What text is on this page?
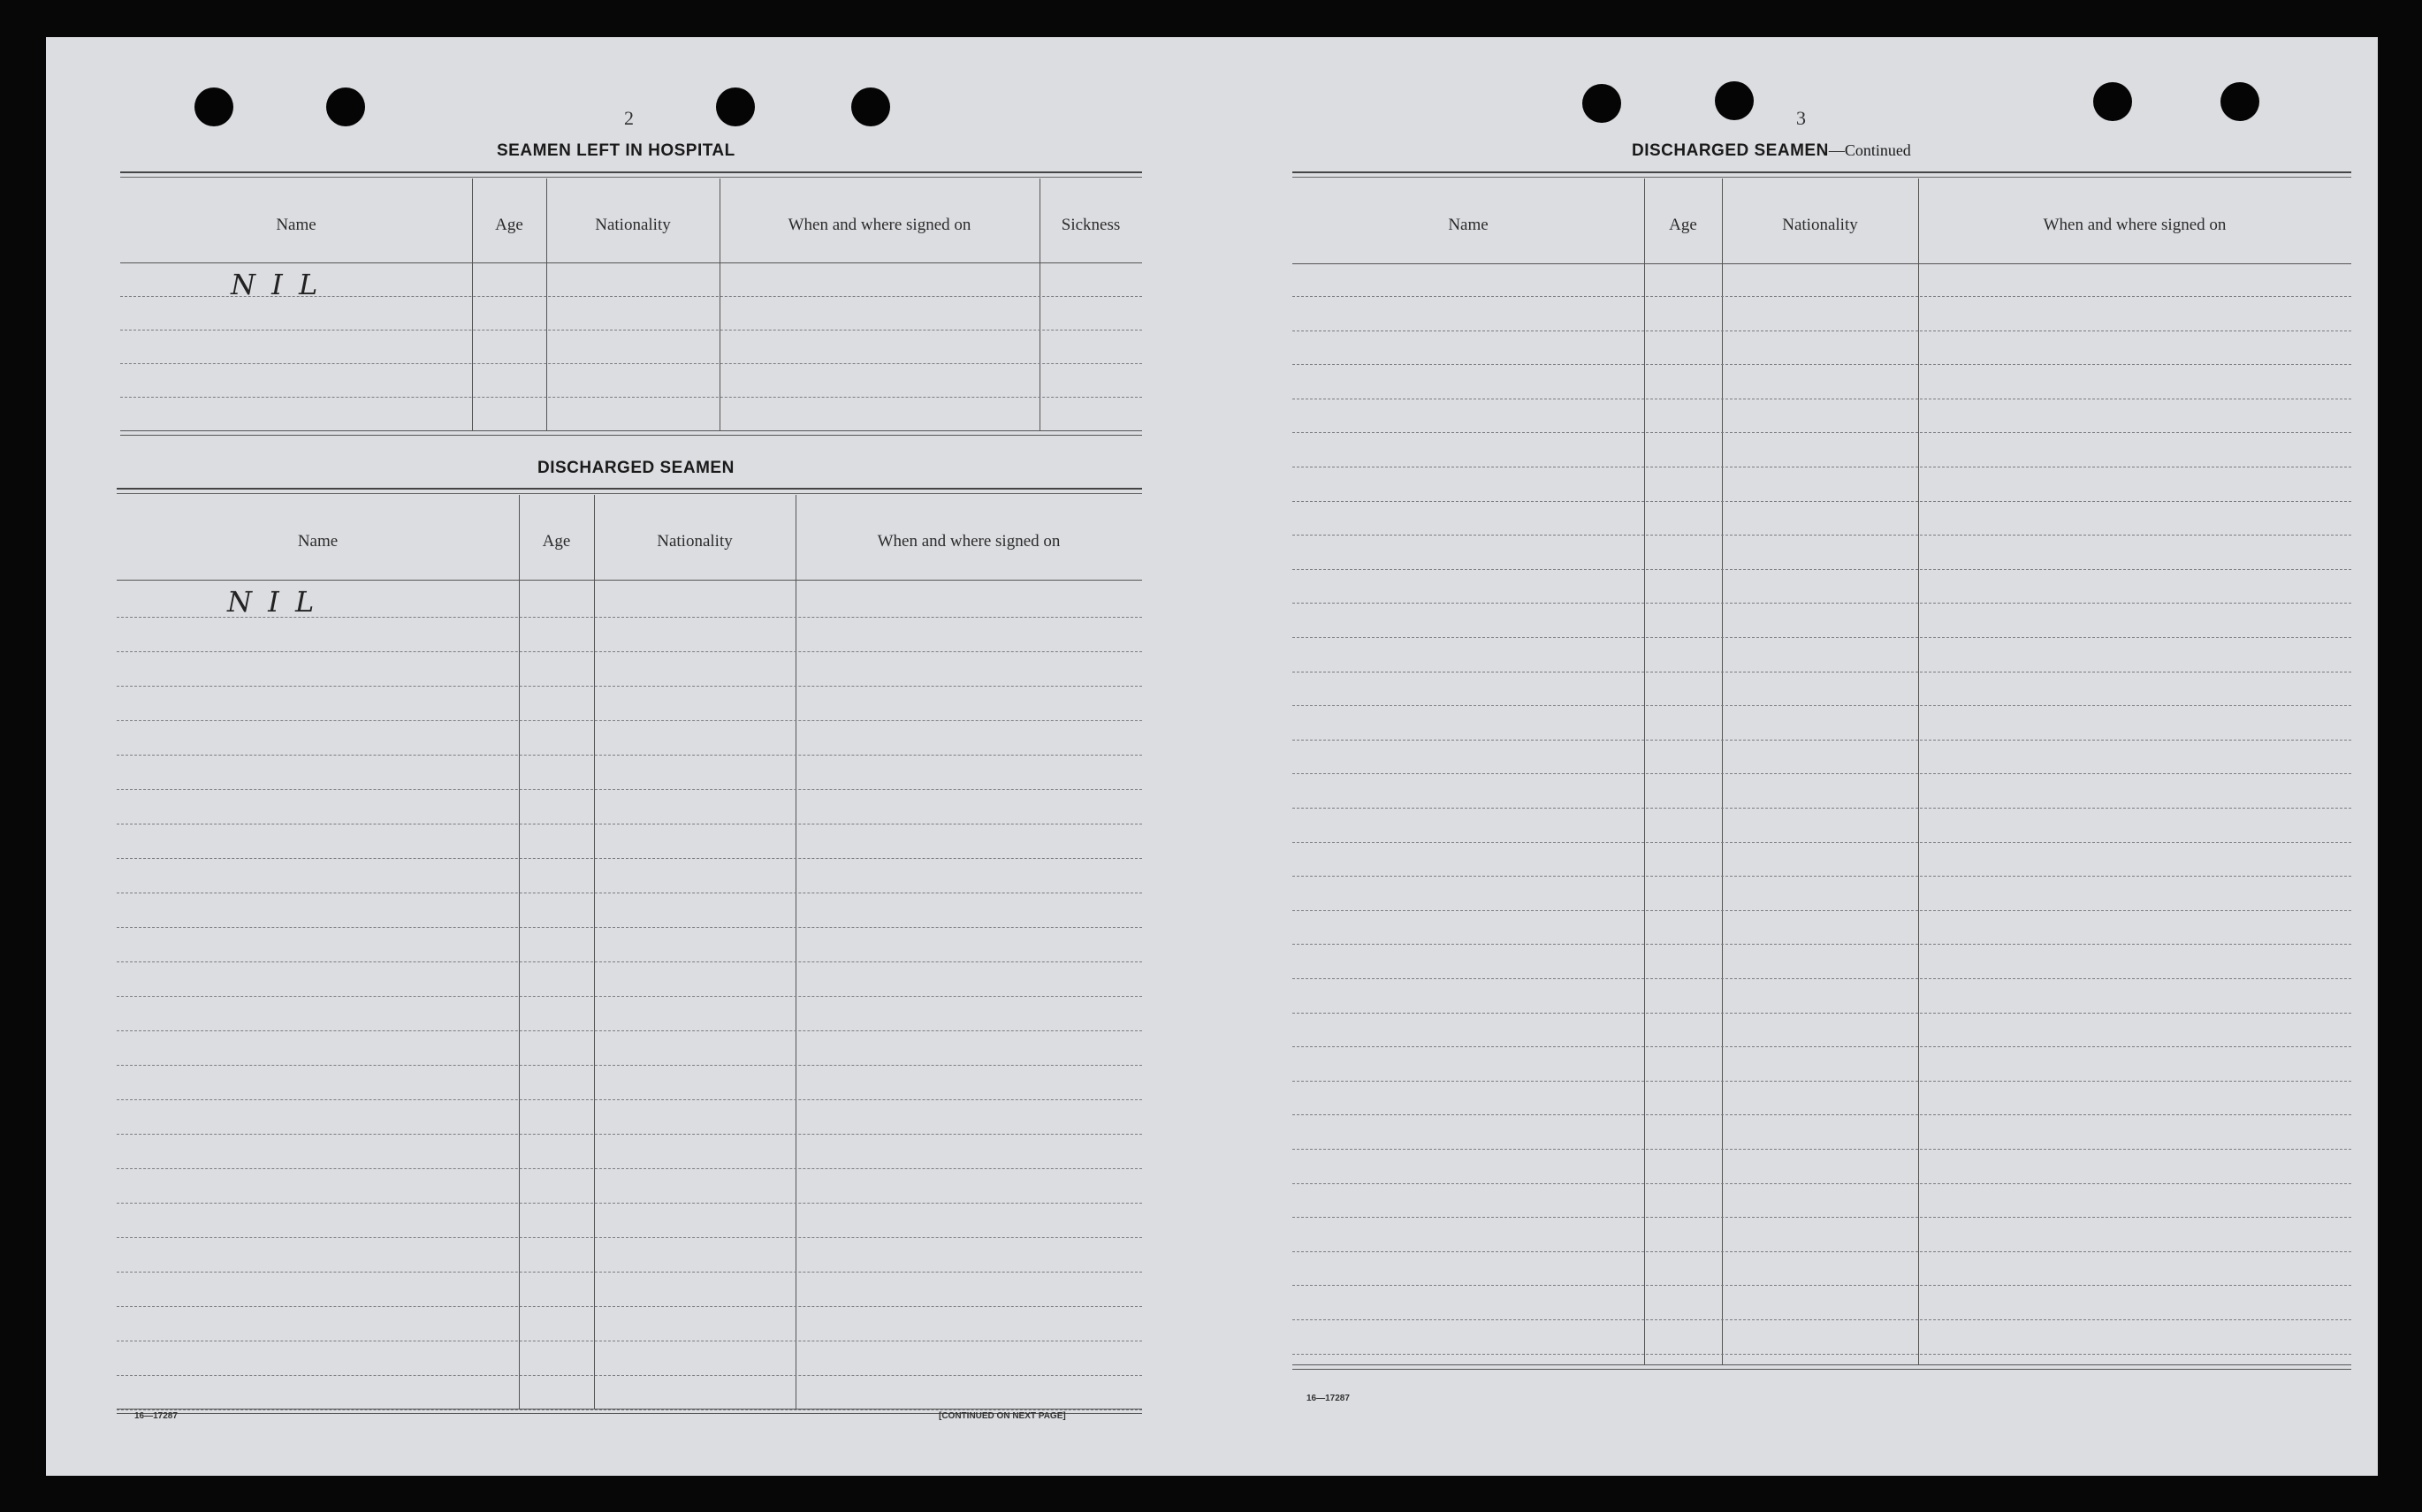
2
SEAMEN LEFT IN HOSPITAL
Name	Age	Nationality	When and where signed on	Sickness
N I L
DISCHARGED SEAMEN
Name	Age	Nationality	When and where signed on
N I L
16—17287	[CONTINUED ON NEXT PAGE]
3
DISCHARGED SEAMEN—Continued
Name	Age	Nationality	When and where signed on
16—17287
